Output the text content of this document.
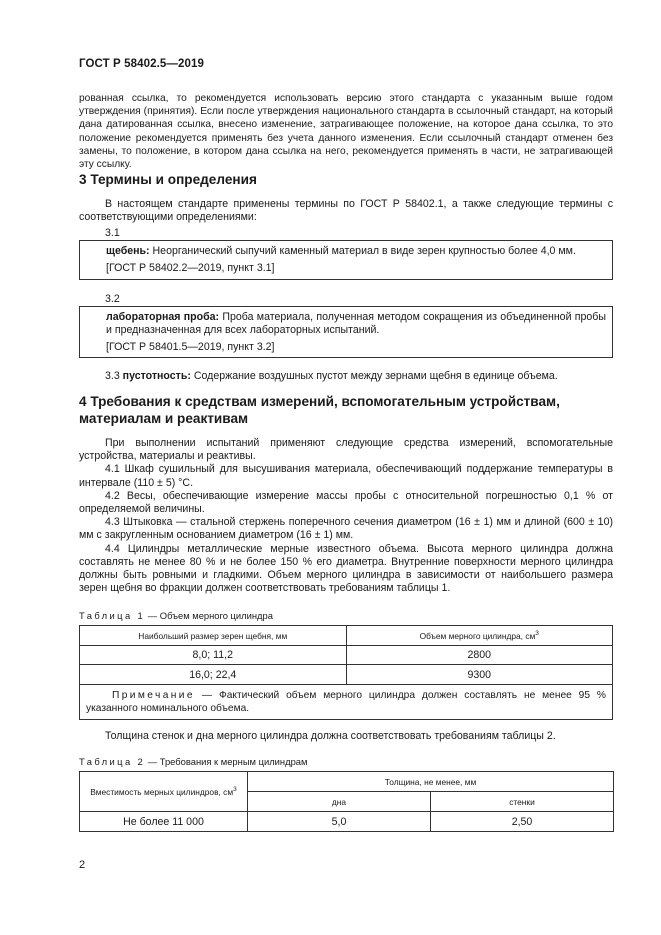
ГОСТ Р 58402.5—2019

рованная ссылка, то рекомендуется использовать версию этого стандарта с указанным выше годом утверждения (принятия). Если после утверждения национального стандарта в ссылочный стандарт, на который дана датированная ссылка, внесено изменение, затрагивающее положение, на которое дана ссылка, то это положение рекомендуется применять без учета данного изменения. Если ссылочный стандарт отменен без замены, то положение, в котором дана ссылка на него, рекомендуется применять в части, не затрагивающей эту ссылку.

3 Термины и определения

В настоящем стандарте применены термины по ГОСТ Р 58402.1, а также следующие термины с соответствующими определениями:

3.1

щебень: Неорганический сыпучий каменный материал в виде зерен крупностью более 4,0 мм.

[ГОСТ Р 58402.2—2019, пункт 3.1]

3.2

лабораторная проба: Проба материала, полученная методом сокращения из объединенной пробы и предназначенная для всех лабораторных испытаний.

[ГОСТ Р 58401.5—2019, пункт 3.2]

3.3 пустотность: Содержание воздушных пустот между зернами щебня в единице объема.

4 Требования к средствам измерений, вспомогательным устройствам, материалам и реактивам

При выполнении испытаний применяют следующие средства измерений, вспомогательные устройства, материалы и реактивы.

4.1 Шкаф сушильный для высушивания материала, обеспечивающий поддержание температуры в интервале (110 ± 5) °С.

4.2 Весы, обеспечивающие измерение массы пробы с относительной погрешностью 0,1 % от определяемой величины.

4.3 Штыковка — стальной стержень поперечного сечения диаметром (16 ± 1) мм и длиной (600 ± 10) мм с закругленным основанием диаметром (16 ± 1) мм.

4.4 Цилиндры металлические мерные известного объема. Высота мерного цилиндра должна составлять не менее 80 % и не более 150 % его диаметра. Внутренние поверхности мерного цилиндра должны быть ровными и гладкими. Объем мерного цилиндра в зависимости от наибольшего размера зерен щебня во фракции должен соответствовать требованиям таблицы 1.

Таблица 1 — Объем мерного цилиндра
Наибольший размер зерен щебня, мм	Объем мерного цилиндра, $см^3$
8,0; 11,2	2800
16,0; 22,4	9300
Примечание — Фактический объем мерного цилиндра должен составлять не менее 95 % указанного номинального объема.	

Толщина стенок и дна мерного цилиндра должна соответствовать требованиям таблицы 2.

Таблица 2 — Требования к мерным цилиндрам
Вместимость мерных цилиндров, $см^3$	Толщина, не менее, мм	
	дна	стенки
Не более 11 000	5,0	2,50
2
